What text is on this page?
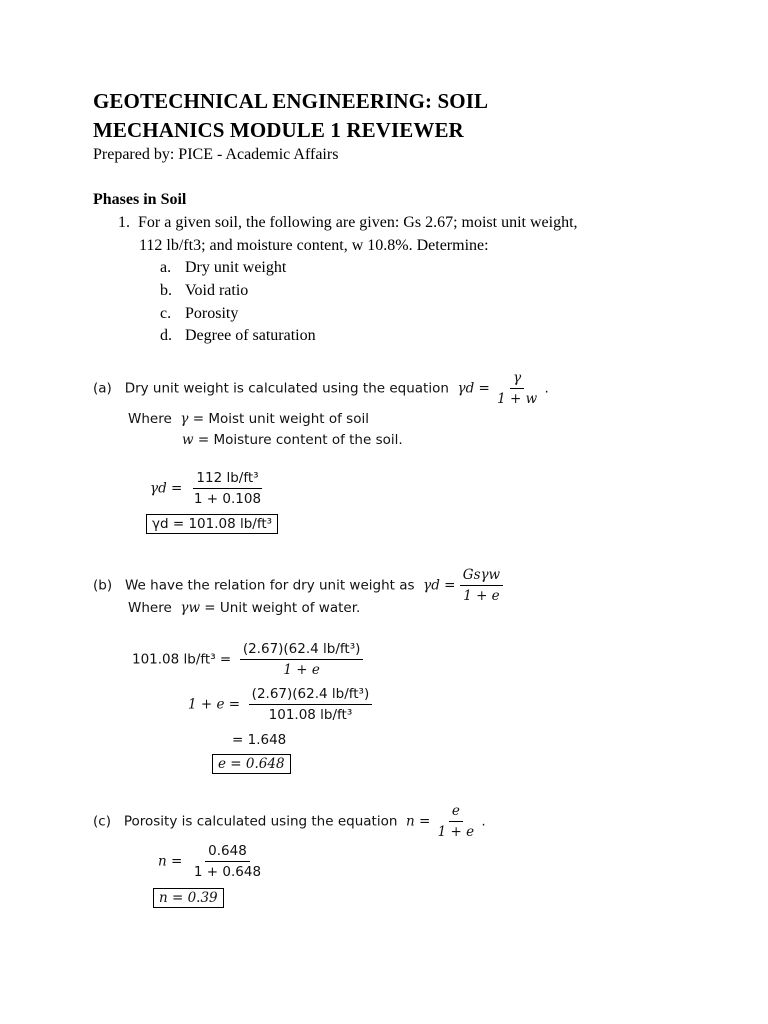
GEOTECHNICAL ENGINEERING: SOIL
MECHANICS MODULE 1 REVIEWER
Prepared by: PICE - Academic Affairs
Phases in Soil
1. For a given soil, the following are given: Gs 2.67; moist unit weight,
112 lb/ft3; and moisture content, w 10.8%. Determine:
a. Dry unit weight
b. Void ratio
c. Porosity
d. Degree of saturation
(a) Dry unit weight is calculated using the equation $\gamma d = \frac{\gamma}{1 + w}$ .
Where γ = Moist unit weight of soil
w = Moisture content of the soil.
$\gamma d = \frac{\text{112 lb/ft³}}{1 + 0.108}$
γd = 101.08 lb/ft³
(b) We have the relation for dry unit weight as $\gamma d = \frac{\text{Gsγw}}{1 + e}$
Where γw = Unit weight of water.
101.08 $lb/ft^3 = \frac{\text{(2.67)(62.4 lb/ft³)}}{1 + e}$
$1 + e = \frac{\text{(2.67)(62.4 lb/ft³)}}{\text{101.08 lb/ft³}}$
= 1.648
e = 0.648
(c) Porosity is calculated using the equation $n = \frac{e}{1 + e}$ .
$n = \frac{0.648}{1 + 0.648}$
n = 0.39
